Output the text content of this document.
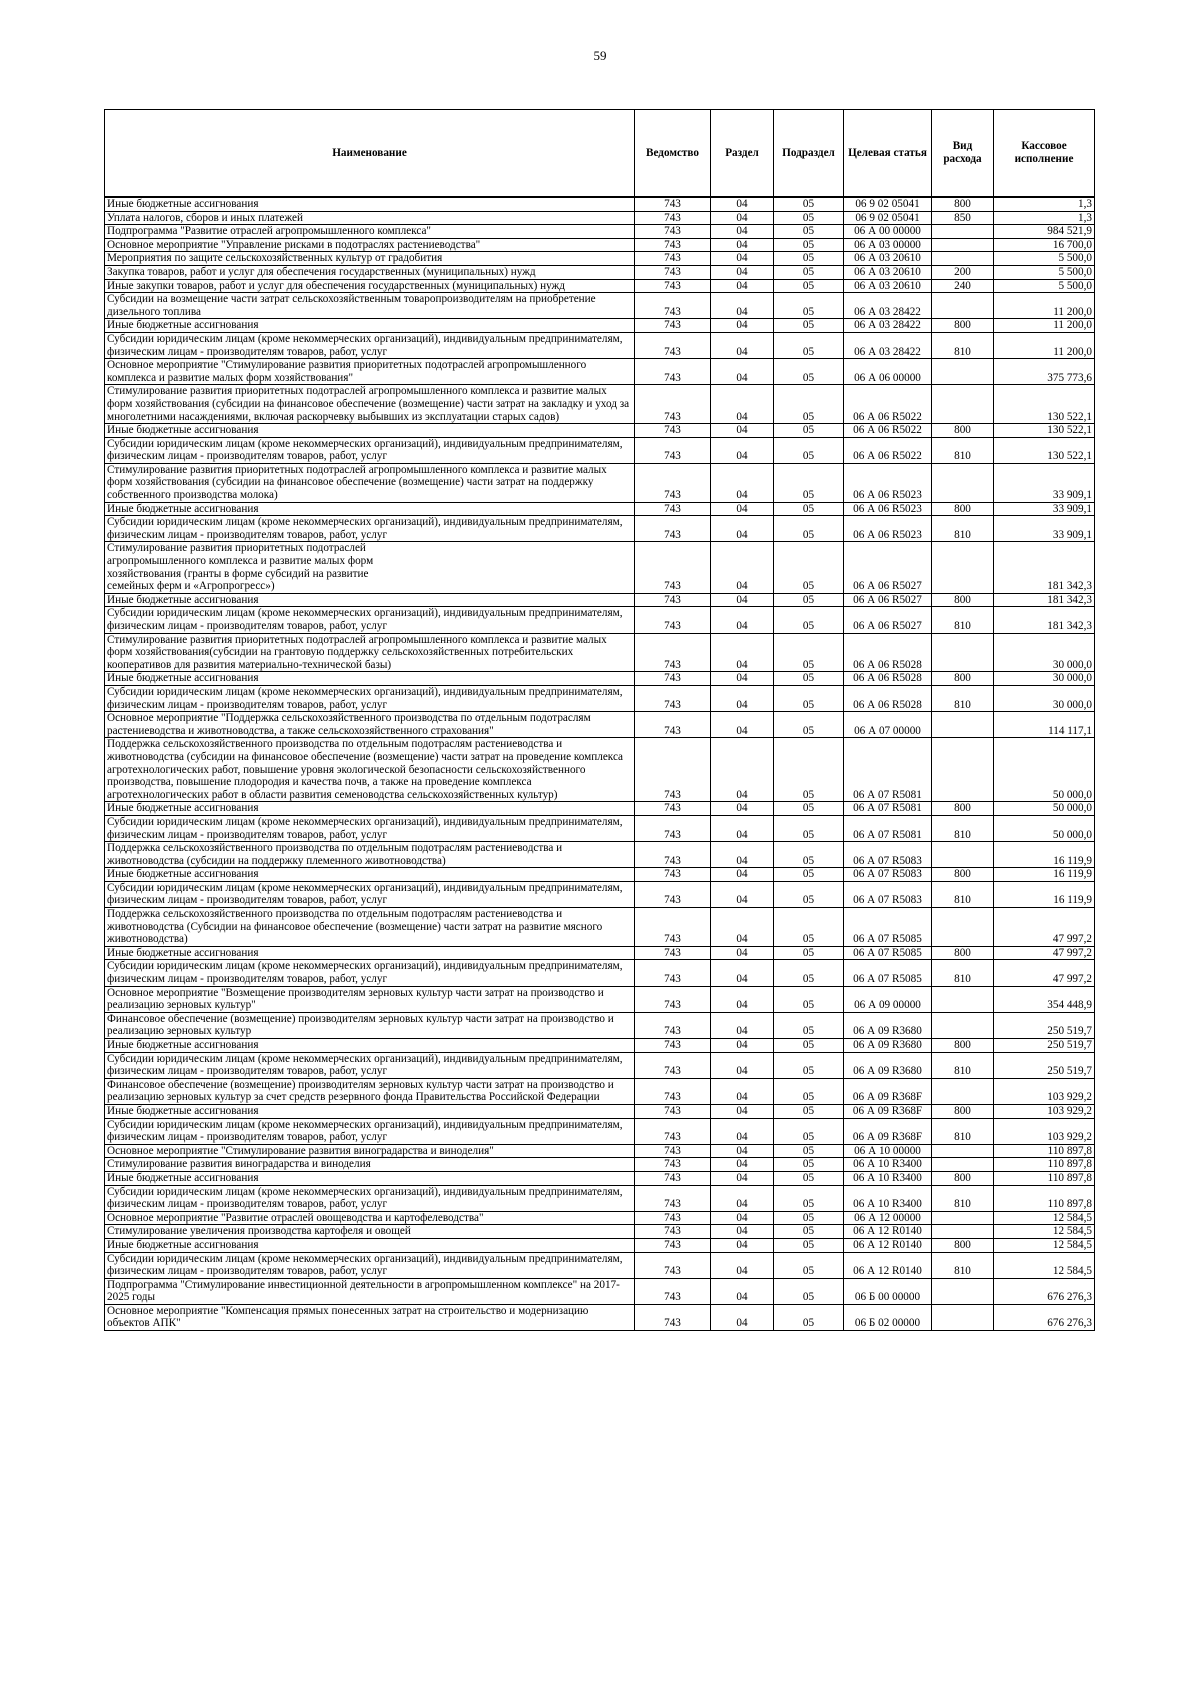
59
Наименование	Ведомство	Раздел	Подраздел	Целевая статья	Вид расхода	Кассовое исполнение
Иные бюджетные ассигнования	743	04	05	06 9 02 05041	800	1,3
Уплата налогов, сборов и иных платежей	743	04	05	06 9 02 05041	850	1,3
Подпрограмма "Развитие отраслей агропромышленного комплекса"	743	04	05	06 А 00 00000		984 521,9
Основное мероприятие "Управление рисками в подотраслях растениеводства"	743	04	05	06 А 03 00000		16 700,0
Мероприятия по защите сельскохозяйственных культур от градобития	743	04	05	06 А 03 20610		5 500,0
Закупка товаров, работ и услуг для обеспечения государственных (муниципальных) нужд	743	04	05	06 А 03 20610	200	5 500,0
Иные закупки товаров, работ и услуг для обеспечения государственных (муниципальных) нужд	743	04	05	06 А 03 20610	240	5 500,0
Субсидии на возмещение части затрат сельскохозяйственным товаропроизводителям на приобретение дизельного топлива	743	04	05	06 А 03 28422		11 200,0
Иные бюджетные ассигнования	743	04	05	06 А 03 28422	800	11 200,0
Субсидии юридическим лицам (кроме некоммерческих организаций), индивидуальным предпринимателям, физическим лицам - производителям товаров, работ, услуг	743	04	05	06 А 03 28422	810	11 200,0
Основное мероприятие "Стимулирование развития приоритетных подотраслей агропромышленного комплекса и развитие малых форм хозяйствования"	743	04	05	06 А 06 00000		375 773,6
Стимулирование развития приоритетных подотраслей агропромышленного комплекса и развитие малых форм хозяйствования (субсидии на финансовое обеспечение (возмещение) части затрат на закладку и уход за многолетними насаждениями, включая раскорчевку выбывших из эксплуатации старых садов)	743	04	05	06 А 06 R5022		130 522,1
Иные бюджетные ассигнования	743	04	05	06 А 06 R5022	800	130 522,1
Субсидии юридическим лицам (кроме некоммерческих организаций), индивидуальным предпринимателям, физическим лицам - производителям товаров, работ, услуг	743	04	05	06 А 06 R5022	810	130 522,1
Стимулирование развития приоритетных подотраслей агропромышленного комплекса и развитие малых форм хозяйствования (субсидии на финансовое обеспечение (возмещение) части затрат на поддержку собственного производства молока)	743	04	05	06 А 06 R5023		33 909,1
Иные бюджетные ассигнования	743	04	05	06 А 06 R5023	800	33 909,1
Субсидии юридическим лицам (кроме некоммерческих организаций), индивидуальным предпринимателям, физическим лицам - производителям товаров, работ, услуг	743	04	05	06 А 06 R5023	810	33 909,1
Стимулирование развития приоритетных подотраслей
агропромышленного комплекса и развитие малых форм
хозяйствования (гранты в форме субсидий на развитие
семейных ферм и «Агропрогресс»)	743	04	05	06 А 06 R5027		181 342,3
Иные бюджетные ассигнования	743	04	05	06 А 06 R5027	800	181 342,3
Субсидии юридическим лицам (кроме некоммерческих организаций), индивидуальным предпринимателям, физическим лицам - производителям товаров, работ, услуг	743	04	05	06 А 06 R5027	810	181 342,3
Стимулирование развития приоритетных подотраслей агропромышленного комплекса и развитие малых форм хозяйствования(субсидии на грантовую поддержку сельскохозяйственных потребительских кооперативов для развития материально-технической базы)	743	04	05	06 А 06 R5028		30 000,0
Иные бюджетные ассигнования	743	04	05	06 А 06 R5028	800	30 000,0
Субсидии юридическим лицам (кроме некоммерческих организаций), индивидуальным предпринимателям, физическим лицам - производителям товаров, работ, услуг	743	04	05	06 А 06 R5028	810	30 000,0
Основное мероприятие "Поддержка сельскохозяйственного производства по отдельным подотраслям растениеводства и животноводства, а также сельскохозяйственного страхования"	743	04	05	06 А 07 00000		114 117,1
Поддержка сельскохозяйственного производства по отдельным подотраслям растениеводства и животноводства (субсидии на финансовое обеспечение (возмещение) части затрат на проведение комплекса агротехнологических работ, повышение уровня экологической безопасности сельскохозяйственного производства, повышение плодородия и качества почв, а также на проведение комплекса агротехнологических работ в области развития семеноводства сельскохозяйственных культур)	743	04	05	06 А 07 R5081		50 000,0
Иные бюджетные ассигнования	743	04	05	06 А 07 R5081	800	50 000,0
Субсидии юридическим лицам (кроме некоммерческих организаций), индивидуальным предпринимателям, физическим лицам - производителям товаров, работ, услуг	743	04	05	06 А 07 R5081	810	50 000,0
Поддержка сельскохозяйственного производства по отдельным подотраслям растениеводства и животноводства (субсидии на поддержку племенного животноводства)	743	04	05	06 А 07 R5083		16 119,9
Иные бюджетные ассигнования	743	04	05	06 А 07 R5083	800	16 119,9
Субсидии юридическим лицам (кроме некоммерческих организаций), индивидуальным предпринимателям, физическим лицам - производителям товаров, работ, услуг	743	04	05	06 А 07 R5083	810	16 119,9
Поддержка сельскохозяйственного производства по отдельным подотраслям растениеводства и животноводства (Субсидии на финансовое обеспечение (возмещение) части затрат на развитие мясного животноводства)	743	04	05	06 А 07 R5085		47 997,2
Иные бюджетные ассигнования	743	04	05	06 А 07 R5085	800	47 997,2
Субсидии юридическим лицам (кроме некоммерческих организаций), индивидуальным предпринимателям, физическим лицам - производителям товаров, работ, услуг	743	04	05	06 А 07 R5085	810	47 997,2
Основное мероприятие "Возмещение производителям зерновых культур части затрат на производство и реализацию зерновых культур"	743	04	05	06 А 09 00000		354 448,9
Финансовое обеспечение (возмещение) производителям зерновых культур части затрат на производство и реализацию зерновых культур	743	04	05	06 А 09 R3680		250 519,7
Иные бюджетные ассигнования	743	04	05	06 А 09 R3680	800	250 519,7
Субсидии юридическим лицам (кроме некоммерческих организаций), индивидуальным предпринимателям, физическим лицам - производителям товаров, работ, услуг	743	04	05	06 А 09 R3680	810	250 519,7
Финансовое обеспечение (возмещение) производителям зерновых культур части затрат на производство и реализацию зерновых культур за счет средств резервного фонда Правительства Российской Федерации	743	04	05	06 А 09 R368F		103 929,2
Иные бюджетные ассигнования	743	04	05	06 А 09 R368F	800	103 929,2
Субсидии юридическим лицам (кроме некоммерческих организаций), индивидуальным предпринимателям, физическим лицам - производителям товаров, работ, услуг	743	04	05	06 А 09 R368F	810	103 929,2
Основное мероприятие "Стимулирование развития виноградарства и виноделия"	743	04	05	06 А 10 00000		110 897,8
Стимулирование развития виноградарства и виноделия	743	04	05	06 А 10 R3400		110 897,8
Иные бюджетные ассигнования	743	04	05	06 А 10 R3400	800	110 897,8
Субсидии юридическим лицам (кроме некоммерческих организаций), индивидуальным предпринимателям, физическим лицам - производителям товаров, работ, услуг	743	04	05	06 А 10 R3400	810	110 897,8
Основное мероприятие "Развитие отраслей овощеводства и картофелеводства"	743	04	05	06 А 12 00000		12 584,5
Стимулирование увеличения производства картофеля и овощей	743	04	05	06 А 12 R0140		12 584,5
Иные бюджетные ассигнования	743	04	05	06 А 12 R0140	800	12 584,5
Субсидии юридическим лицам (кроме некоммерческих организаций), индивидуальным предпринимателям, физическим лицам - производителям товаров, работ, услуг	743	04	05	06 А 12 R0140	810	12 584,5
Подпрограмма "Стимулирование инвестиционной деятельности в агропромышленном комплексе" на 2017-2025 годы	743	04	05	06 Б 00 00000		676 276,3
Основное мероприятие "Компенсация прямых понесенных затрат на строительство и модернизацию объектов АПК"	743	04	05	06 Б 02 00000		676 276,3
